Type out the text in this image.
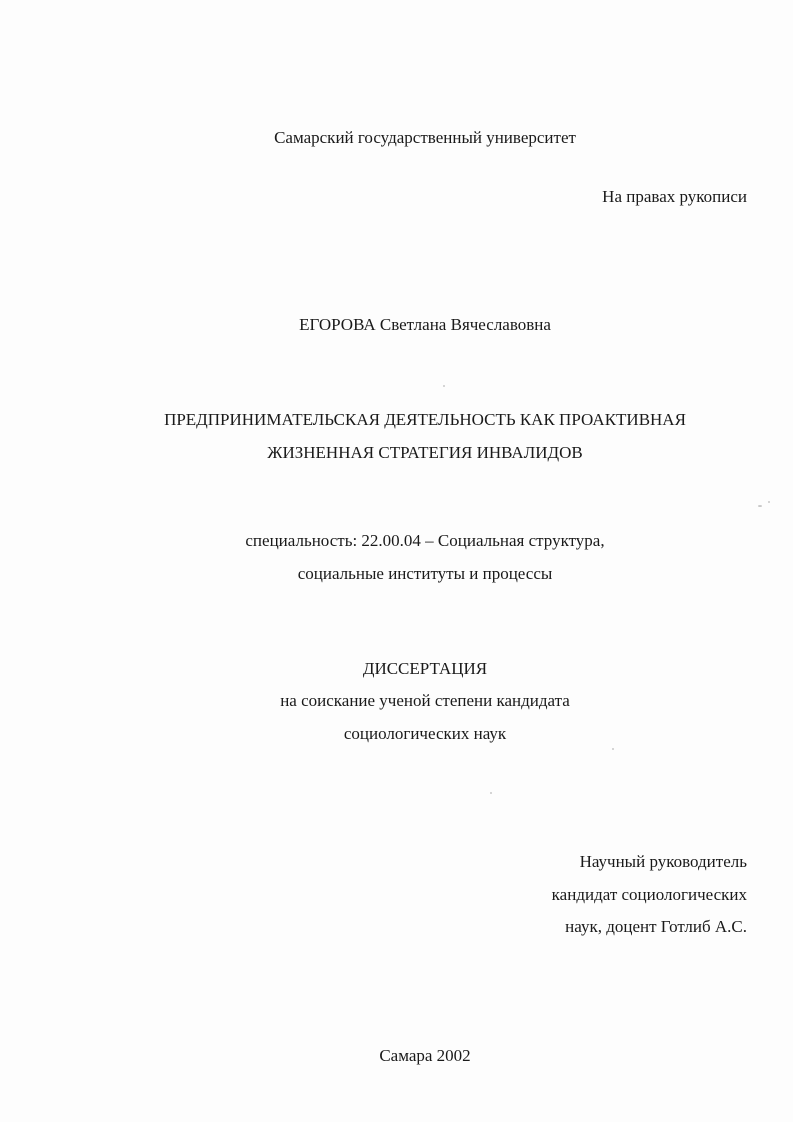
Самарский государственный университет
На правах рукописи
ЕГОРОВА Светлана Вячеславовна
ПРЕДПРИНИМАТЕЛЬСКАЯ ДЕЯТЕЛЬНОСТЬ КАК ПРОАКТИВНАЯ
ЖИЗНЕННАЯ СТРАТЕГИЯ ИНВАЛИДОВ
специальность: 22.00.04 – Социальная структура,
социальные институты и процессы
ДИССЕРТАЦИЯ
на соискание ученой степени кандидата
социологических наук
Научный руководитель
кандидат социологических
наук, доцент Готлиб А.С.
Самара 2002
